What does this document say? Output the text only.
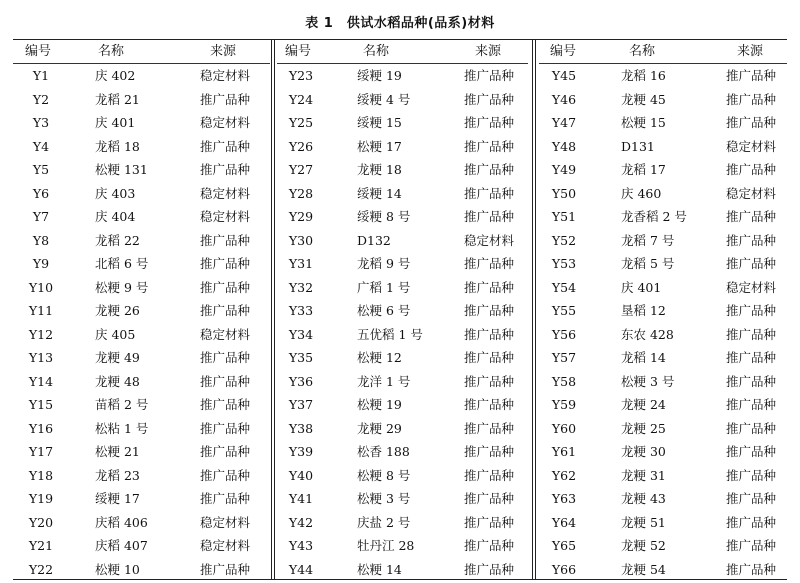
表 1　供试水稻品种(品系)材料
编号	名称	来源
Y1	庆 402	稳定材料
Y2	龙稻 21	推广品种
Y3	庆 401	稳定材料
Y4	龙稻 18	推广品种
Y5	松粳 131	推广品种
Y6	庆 403	稳定材料
Y7	庆 404	稳定材料
Y8	龙稻 22	推广品种
Y9	北稻 6 号	推广品种
Y10	松粳 9 号	推广品种
Y11	龙粳 26	推广品种
Y12	庆 405	稳定材料
Y13	龙粳 49	推广品种
Y14	龙粳 48	推广品种
Y15	苗稻 2 号	推广品种
Y16	松粘 1 号	推广品种
Y17	松粳 21	推广品种
Y18	龙稻 23	推广品种
Y19	绥粳 17	推广品种
Y20	庆稻 406	稳定材料
Y21	庆稻 407	稳定材料
Y22	松粳 10	推广品种
编号	名称	来源
Y23	绥粳 19	推广品种
Y24	绥粳 4 号	推广品种
Y25	绥粳 15	推广品种
Y26	松粳 17	推广品种
Y27	龙粳 18	推广品种
Y28	绥粳 14	推广品种
Y29	绥粳 8 号	推广品种
Y30	D132	稳定材料
Y31	龙稻 9 号	推广品种
Y32	广稻 1 号	推广品种
Y33	松粳 6 号	推广品种
Y34	五优稻 1 号	推广品种
Y35	松粳 12	推广品种
Y36	龙洋 1 号	推广品种
Y37	松粳 19	推广品种
Y38	龙粳 29	推广品种
Y39	松香 188	推广品种
Y40	松粳 8 号	推广品种
Y41	松粳 3 号	推广品种
Y42	庆盐 2 号	推广品种
Y43	牡丹江 28	推广品种
Y44	松粳 14	推广品种
编号	名称	来源
Y45	龙稻 16	推广品种
Y46	龙粳 45	推广品种
Y47	松粳 15	推广品种
Y48	D131	稳定材料
Y49	龙稻 17	推广品种
Y50	庆 460	稳定材料
Y51	龙香稻 2 号	推广品种
Y52	龙稻 7 号	推广品种
Y53	龙稻 5 号	推广品种
Y54	庆 401	稳定材料
Y55	垦稻 12	推广品种
Y56	东农 428	推广品种
Y57	龙稻 14	推广品种
Y58	松粳 3 号	推广品种
Y59	龙粳 24	推广品种
Y60	龙粳 25	推广品种
Y61	龙粳 30	推广品种
Y62	龙粳 31	推广品种
Y63	龙粳 43	推广品种
Y64	龙粳 51	推广品种
Y65	龙粳 52	推广品种
Y66	龙粳 54	推广品种
